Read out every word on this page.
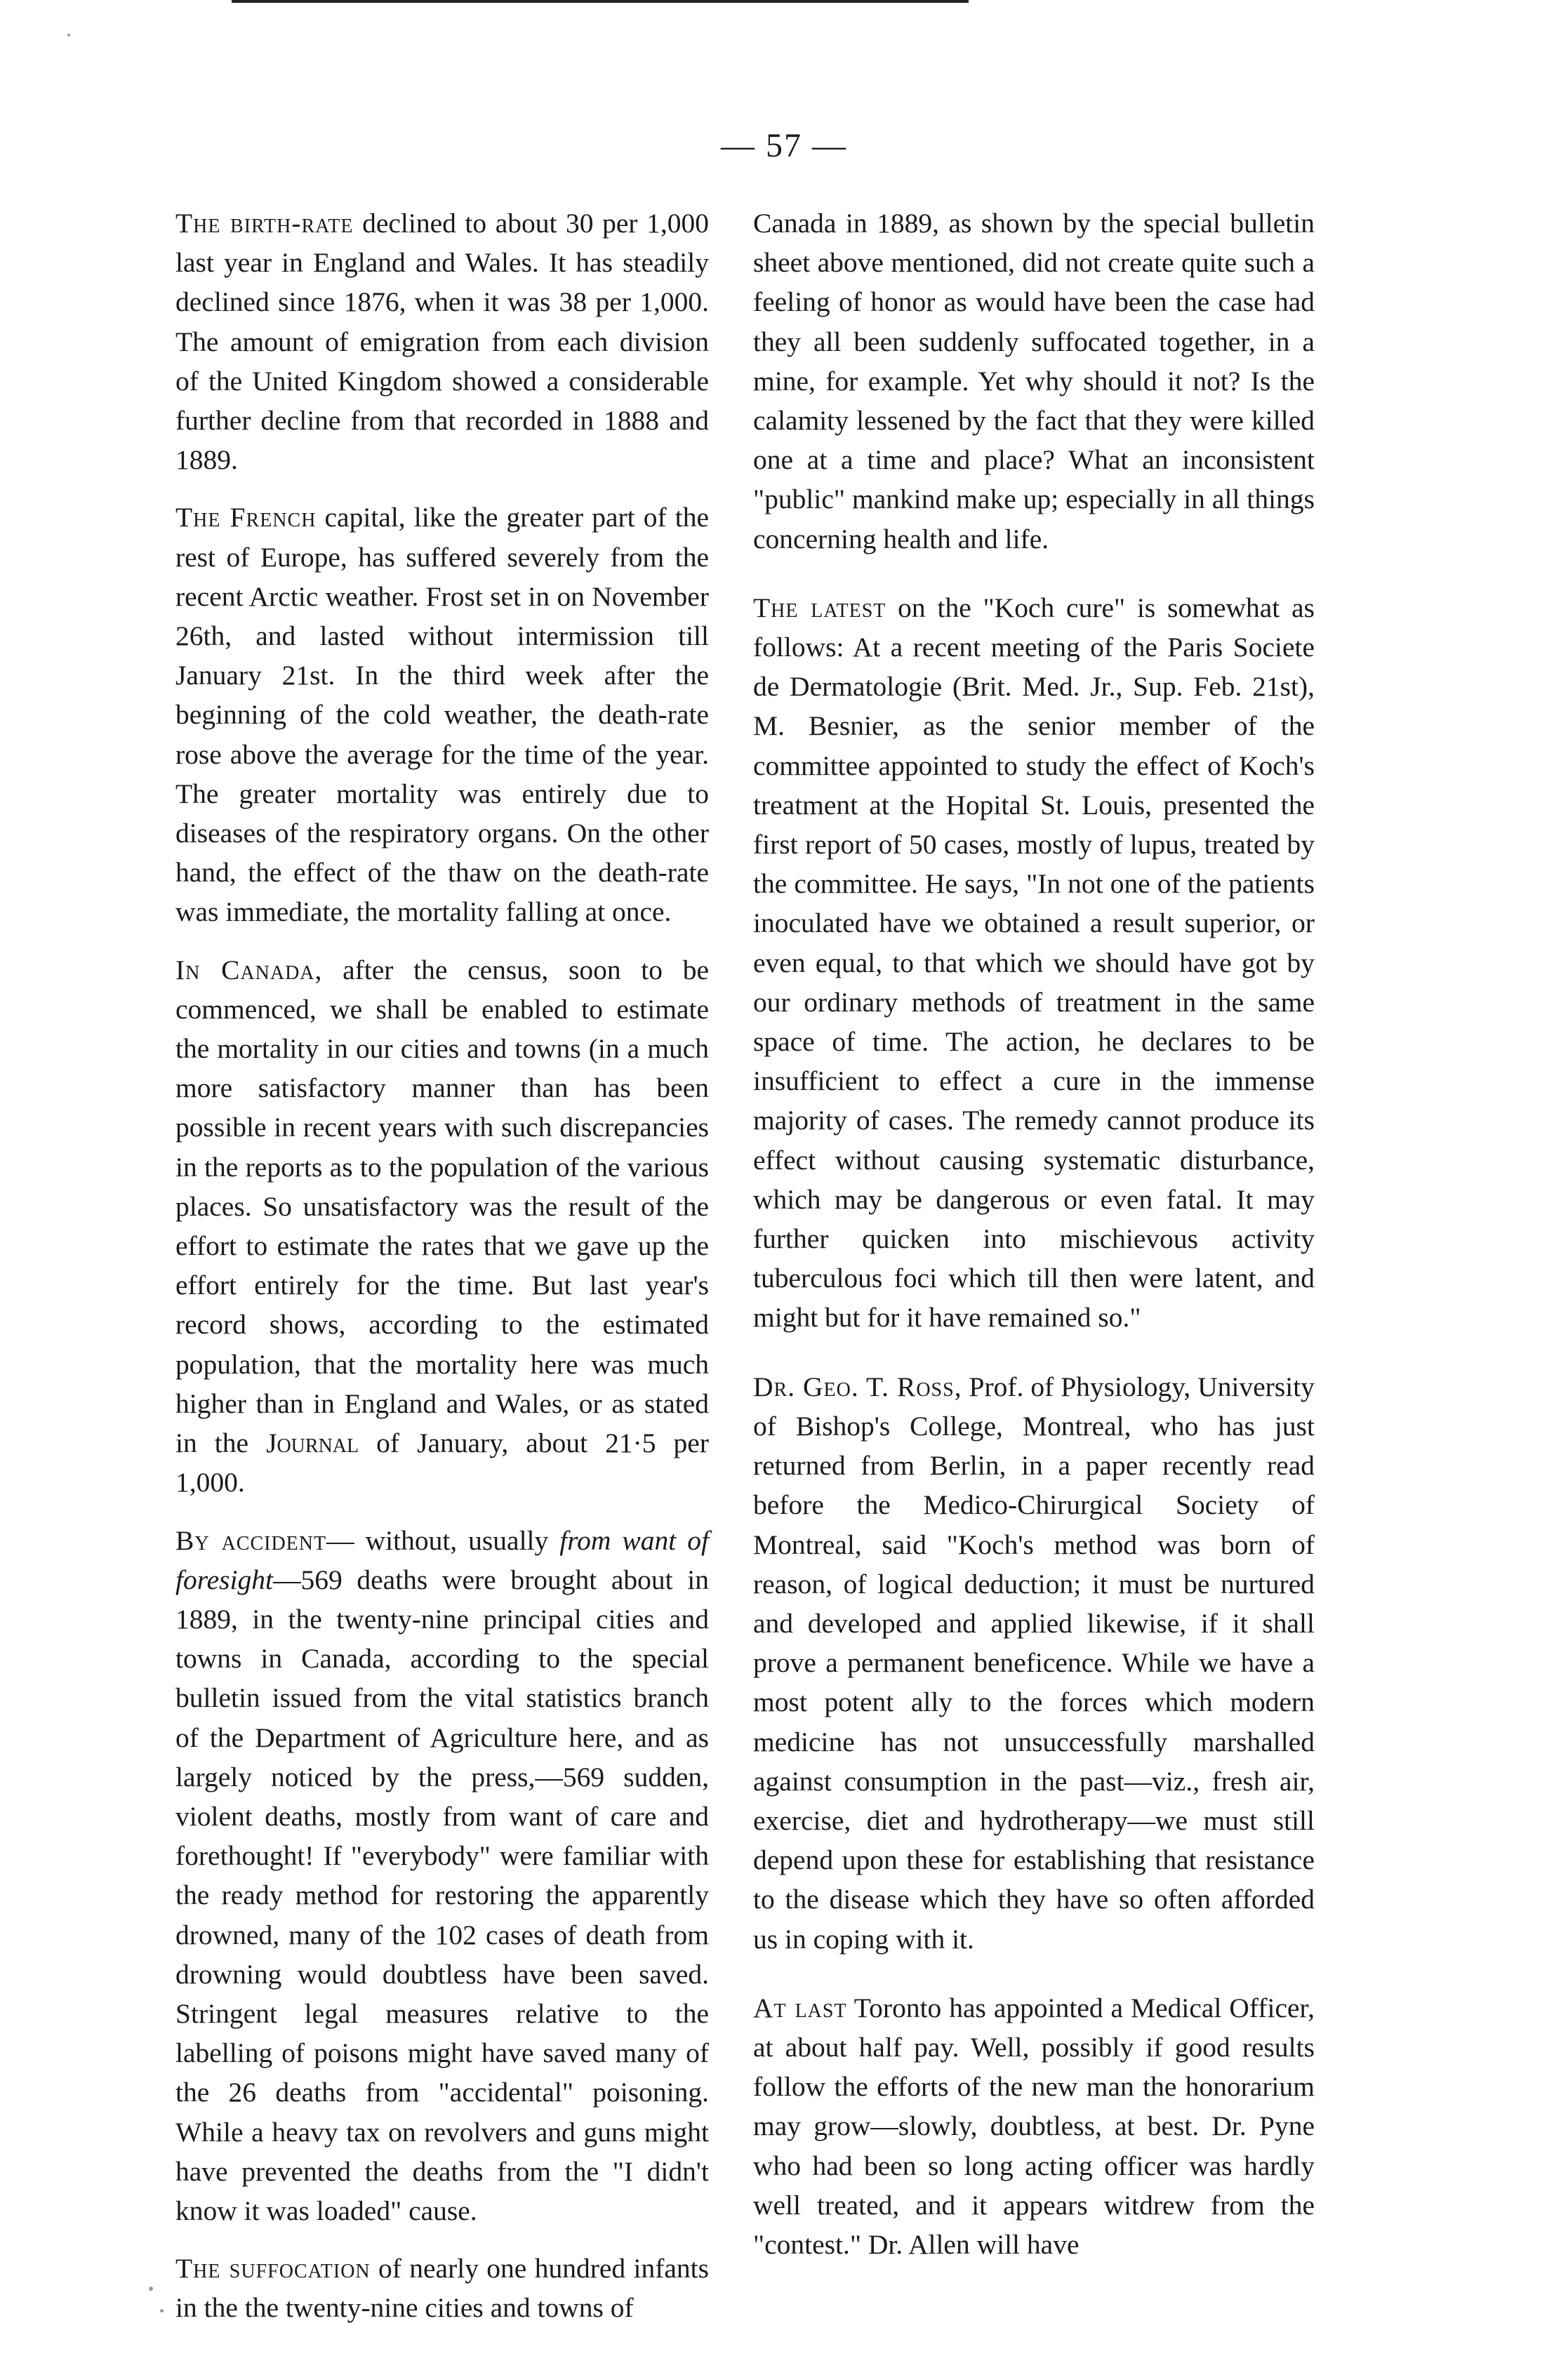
— 57 —

The birth-rate declined to about 30 per 1,000 last year in England and Wales. It has steadily declined since 1876, when it was 38 per 1,000. The amount of emigration from each division of the United Kingdom showed a considerable further decline from that recorded in 1888 and 1889.

The French capital, like the greater part of the rest of Europe, has suffered severely from the recent Arctic weather. Frost set in on November 26th, and lasted without intermission till January 21st. In the third week after the beginning of the cold weather, the death-rate rose above the average for the time of the year. The greater mortality was entirely due to diseases of the respiratory organs. On the other hand, the effect of the thaw on the death-rate was immediate, the mortality falling at once.

In Canada, after the census, soon to be commenced, we shall be enabled to estimate the mortality in our cities and towns (in a much more satisfactory manner than has been possible in recent years with such discrepancies in the reports as to the population of the various places. So unsatisfactory was the result of the effort to estimate the rates that we gave up the effort entirely for the time. But last year's record shows, according to the estimated population, that the mortality here was much higher than in England and Wales, or as stated in the Journal of January, about 21·5 per 1,000.

By accident— without, usually from want of foresight—569 deaths were brought about in 1889, in the twenty-nine principal cities and towns in Canada, according to the special bulletin issued from the vital statistics branch of the Department of Agriculture here, and as largely noticed by the press,—569 sudden, violent deaths, mostly from want of care and forethought! If "everybody" were familiar with the ready method for restoring the apparently drowned, many of the 102 cases of death from drowning would doubtless have been saved. Stringent legal measures relative to the labelling of poisons might have saved many of the 26 deaths from "accidental" poisoning. While a heavy tax on revolvers and guns might have prevented the deaths from the "I didn't know it was loaded" cause.

The suffocation of nearly one hundred infants in the the twenty-nine cities and towns of

Canada in 1889, as shown by the special bulletin sheet above mentioned, did not create quite such a feeling of honor as would have been the case had they all been suddenly suffocated together, in a mine, for example. Yet why should it not? Is the calamity lessened by the fact that they were killed one at a time and place? What an inconsistent "public" mankind make up; especially in all things concerning health and life.

The latest on the "Koch cure" is somewhat as follows: At a recent meeting of the Paris Societe de Dermatologie (Brit. Med. Jr., Sup. Feb. 21st), M. Besnier, as the senior member of the committee appointed to study the effect of Koch's treatment at the Hopital St. Louis, presented the first report of 50 cases, mostly of lupus, treated by the committee. He says, "In not one of the patients inoculated have we obtained a result superior, or even equal, to that which we should have got by our ordinary methods of treatment in the same space of time. The action, he declares to be insufficient to effect a cure in the immense majority of cases. The remedy cannot produce its effect without causing systematic disturbance, which may be dangerous or even fatal. It may further quicken into mischievous activity tuberculous foci which till then were latent, and might but for it have remained so."

Dr. Geo. T. Ross, Prof. of Physiology, University of Bishop's College, Montreal, who has just returned from Berlin, in a paper recently read before the Medico-Chirurgical Society of Montreal, said "Koch's method was born of reason, of logical deduction; it must be nurtured and developed and applied likewise, if it shall prove a permanent beneficence. While we have a most potent ally to the forces which modern medicine has not unsuccessfully marshalled against consumption in the past—viz., fresh air, exercise, diet and hydrotherapy—we must still depend upon these for establishing that resistance to the disease which they have so often afforded us in coping with it.

At last Toronto has appointed a Medical Officer, at about half pay. Well, possibly if good results follow the efforts of the new man the honorarium may grow—slowly, doubtless, at best. Dr. Pyne who had been so long acting officer was hardly well treated, and it appears witdrew from the "contest." Dr. Allen will have
